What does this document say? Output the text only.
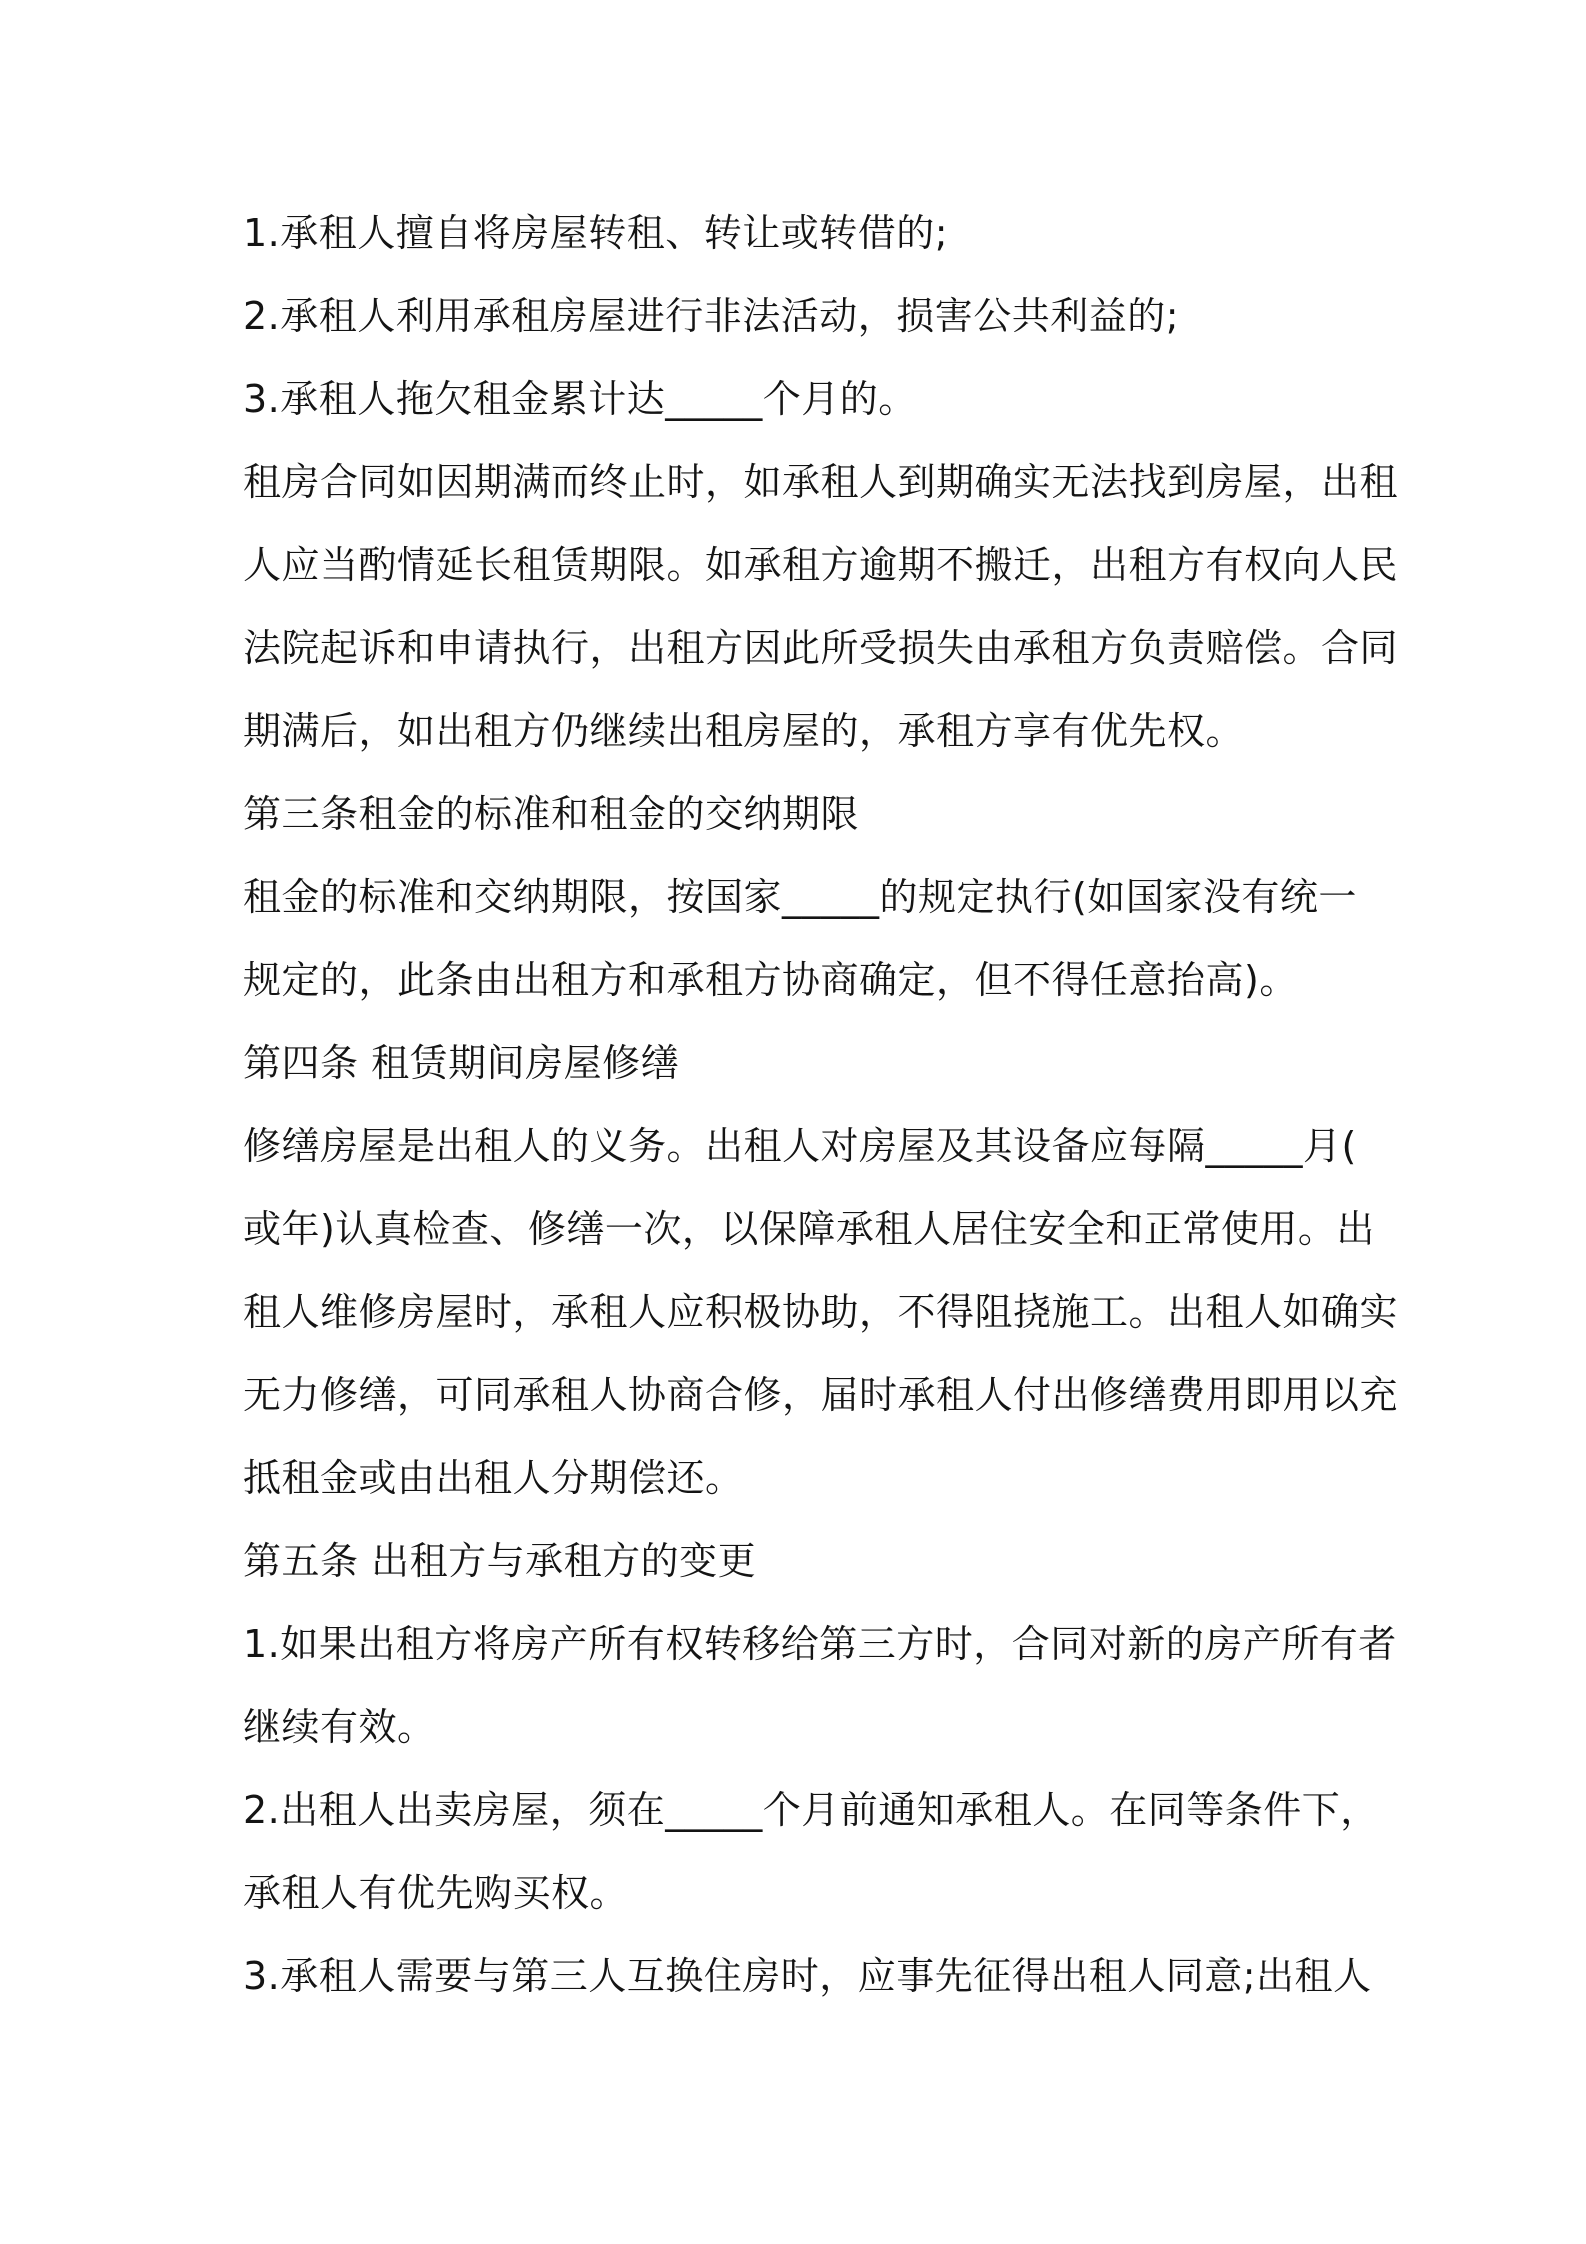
1.承租人擅自将房屋转租、转让或转借的;
2.承租人利用承租房屋进行非法活动，损害公共利益的;
3.承租人拖欠租金累计达_____个月的。
租房合同如因期满而终止时，如承租人到期确实无法找到房屋，出租
人应当酌情延长租赁期限。如承租方逾期不搬迁，出租方有权向人民
法院起诉和申请执行，出租方因此所受损失由承租方负责赔偿。合同
期满后，如出租方仍继续出租房屋的，承租方享有优先权。
第三条租金的标准和租金的交纳期限
租金的标准和交纳期限，按国家_____的规定执行(如国家没有统一
规定的，此条由出租方和承租方协商确定，但不得任意抬高)。
第四条 租赁期间房屋修缮
修缮房屋是出租人的义务。出租人对房屋及其设备应每隔_____月(
或年)认真检查、修缮一次，以保障承租人居住安全和正常使用。出
租人维修房屋时，承租人应积极协助，不得阻挠施工。出租人如确实
无力修缮，可同承租人协商合修，届时承租人付出修缮费用即用以充
抵租金或由出租人分期偿还。
第五条 出租方与承租方的变更
1.如果出租方将房产所有权转移给第三方时，合同对新的房产所有者
继续有效。
2.出租人出卖房屋，须在_____个月前通知承租人。在同等条件下，
承租人有优先购买权。
3.承租人需要与第三人互换住房时，应事先征得出租人同意;出租人
